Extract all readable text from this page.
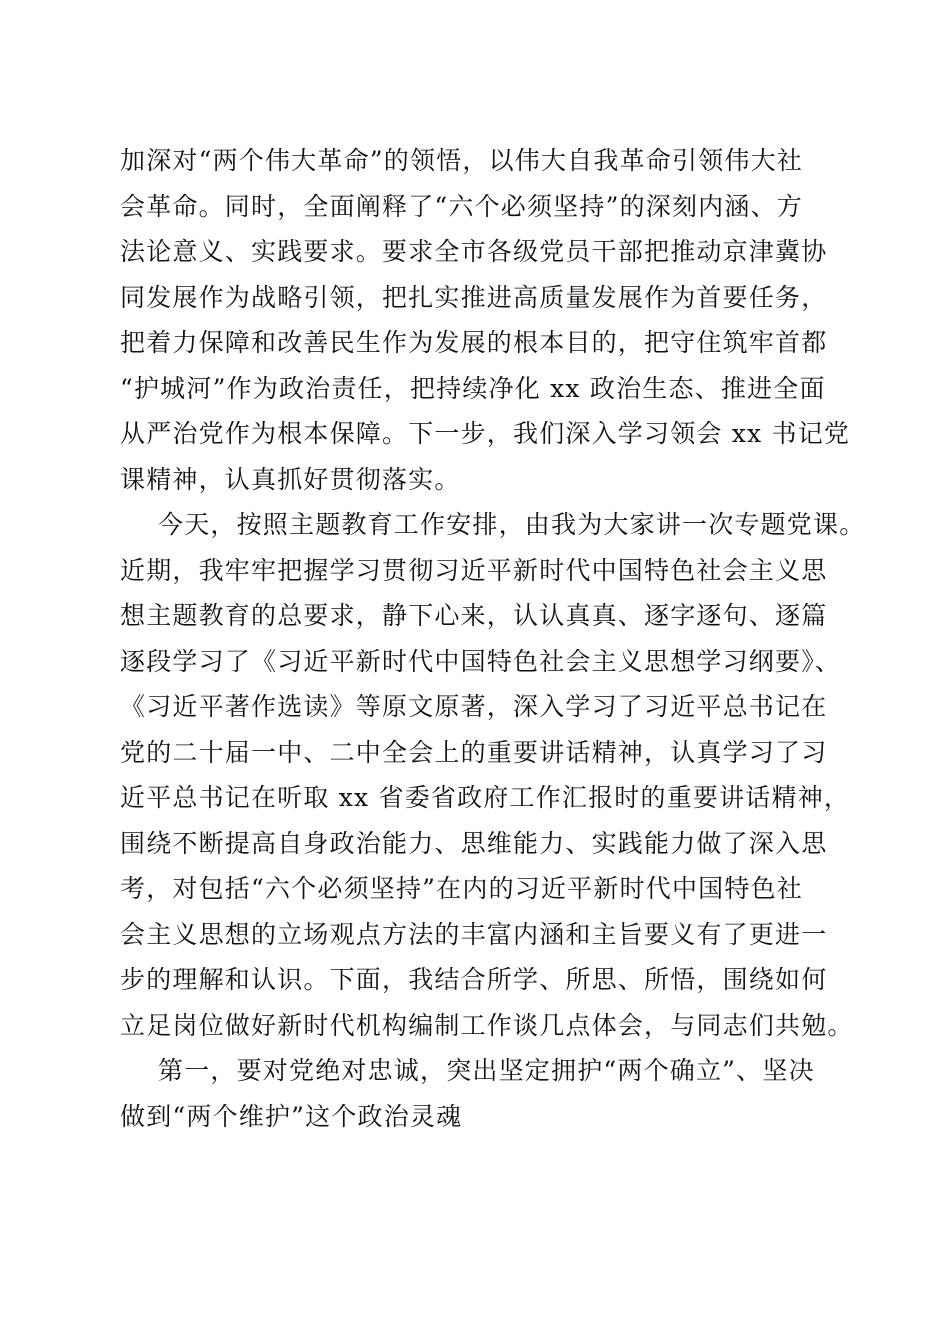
加深对“两个伟大革命”的领悟，以伟大自我革命引领伟大社
会革命。同时，全面阐释了“六个必须坚持”的深刻内涵、方
法论意义、实践要求。要求全市各级党员干部把推动京津冀协
同发展作为战略引领，把扎实推进高质量发展作为首要任务，
把着力保障和改善民生作为发展的根本目的，把守住筑牢首都
“护城河”作为政治责任，把持续净化 xx 政治生态、推进全面
从严治党作为根本保障。下一步，我们深入学习领会 xx 书记党
课精神，认真抓好贯彻落实。
今天，按照主题教育工作安排，由我为大家讲一次专题党课。
近期，我牢牢把握学习贯彻习近平新时代中国特色社会主义思
想主题教育的总要求，静下心来，认认真真、逐字逐句、逐篇
逐段学习了《习近平新时代中国特色社会主义思想学习纲要》、
《习近平著作选读》等原文原著，深入学习了习近平总书记在
党的二十届一中、二中全会上的重要讲话精神，认真学习了习
近平总书记在听取 xx 省委省政府工作汇报时的重要讲话精神，
围绕不断提高自身政治能力、思维能力、实践能力做了深入思
考，对包括“六个必须坚持”在内的习近平新时代中国特色社
会主义思想的立场观点方法的丰富内涵和主旨要义有了更进一
步的理解和认识。下面，我结合所学、所思、所悟，围绕如何
立足岗位做好新时代机构编制工作谈几点体会，与同志们共勉。
第一，要对党绝对忠诚，突出坚定拥护“两个确立”、坚决
做到“两个维护”这个政治灵魂
